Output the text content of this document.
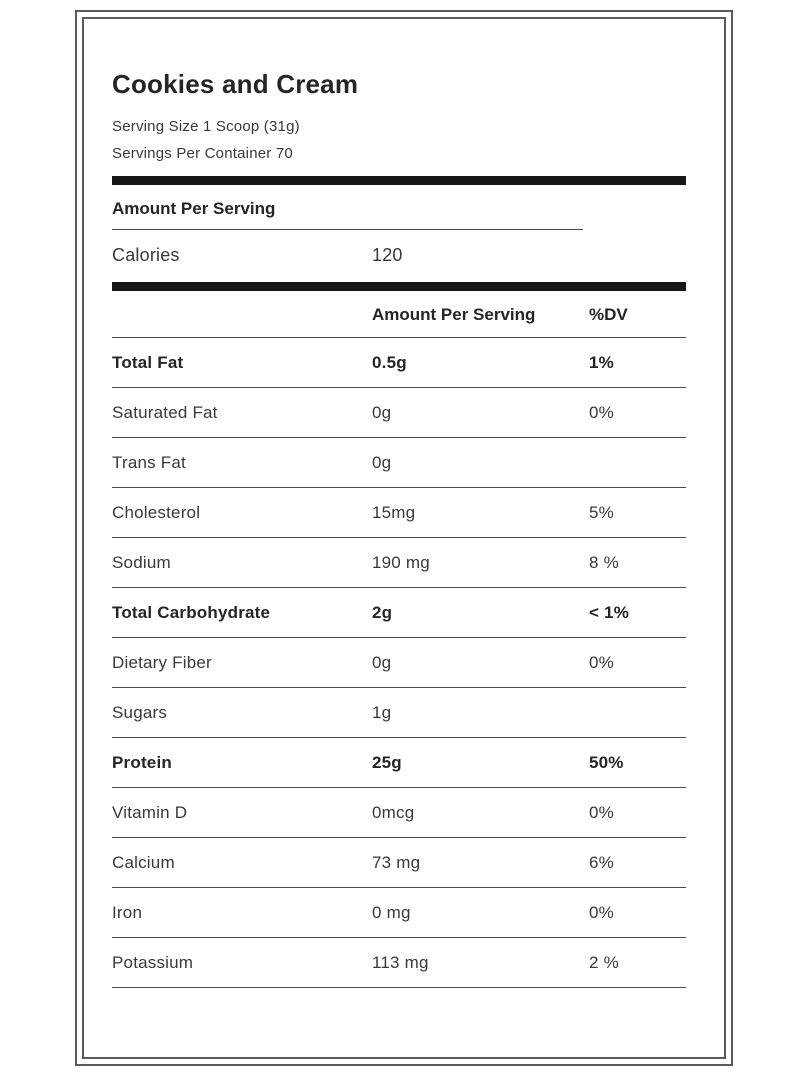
Cookies and Cream
Serving Size 1 Scoop (31g)
Servings Per Container 70
Amount Per Serving
Calories	120
Amount Per Serving	%DV
Total Fat	0.5g	1%
Saturated Fat	0g	0%
Trans Fat	0g
Cholesterol	15mg	5%
Sodium	190 mg	8 %
Total Carbohydrate	2g	< 1%
Dietary Fiber	0g	0%
Sugars	1g
Protein	25g	50%
Vitamin D	0mcg	0%
Calcium	73 mg	6%
Iron	0 mg	0%
Potassium	113 mg	2 %
